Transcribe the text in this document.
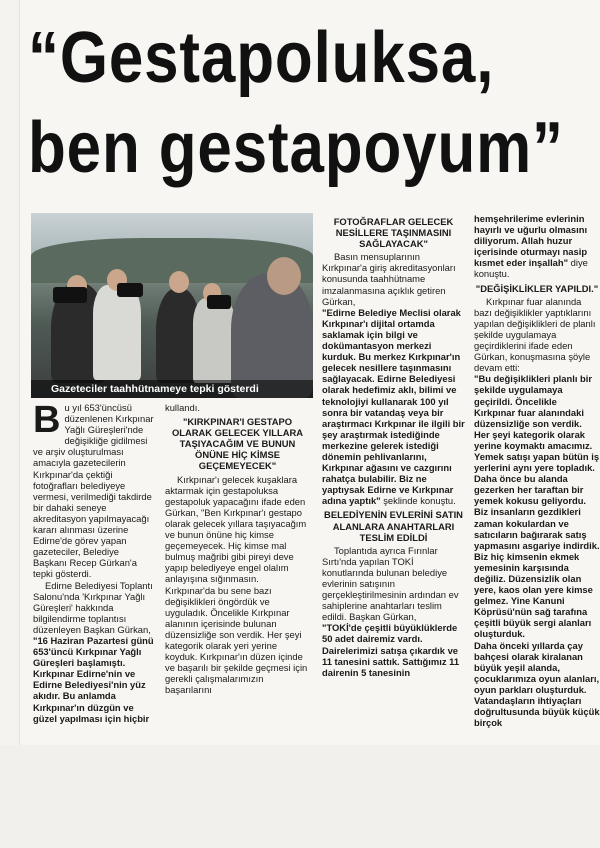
“Gestapoluksa,
ben gestapoyum”
Gazeteciler taahhütnameye tepki gösterdi

Bu yıl 653'üncüsü düzenlenen Kırkpınar Yağlı Güreşleri'nde değişikliğe gidilmesi ve arşiv oluşturulması amacıyla gazetecilerin Kırkpınar'da çektiği fotoğrafları belediyeye vermesi, verilmediği takdirde bir dahaki seneye akreditasyon yapılmayacağı kararı alınması üzerine Edirne'de görev yapan gazeteciler, Belediye Başkanı Recep Gürkan'a tepki gösterdi.

Edirne Belediyesi Toplantı Salonu'nda 'Kırkpınar Yağlı Güreşleri' hakkında bilgilendirme toplantısı düzenleyen Başkan Gürkan,

"16 Haziran Pazartesi günü 653'üncü Kırkpınar Yağlı Güreşleri başlamıştı. Kırkpınar Edirne'nin ve Edirne Belediyesi'nin yüz akıdır. Bu anlamda Kırkpınar'ın düzgün ve güzel yapılması için hiçbir

kullandı.

"KIRKPINAR'I GESTAPO OLARAK GELECEK YILLARA TAŞIYACAĞIM VE BUNUN ÖNÜNE HİÇ KİMSE GEÇEMEYECEK"

Kırkpınar'ı gelecek kuşaklara aktarmak için gestapoluksa gestapoluk yapacağını ifade eden Gürkan, "Ben Kırkpınar'ı gestapo olarak gelecek yıllara taşıyacağım ve bunun önüne hiç kimse geçemeyecek. Hiç kimse mal bulmuş mağribi gibi pireyi deve yapıp belediyeye engel olalım anlayışına sığınmasın. Kırkpınar'da bu sene bazı değişiklikleri öngördük ve uyguladık. Öncelikle Kırkpınar alanının içerisinde bulunan düzensizliğe son verdik. Her şeyi kategorik olarak yeri yerine koyduk. Kırkpınar'ın düzen içinde ve başarılı bir şekilde geçmesi için gerekli çalışmalarımızın başarılarını

FOTOĞRAFLAR GELECEK NESİLLERE TAŞINMASINI SAĞLAYACAK"

Basın mensuplarının Kırkpınar'a giriş akreditasyonları konusunda taahhütname imzalanmasına açıklık getiren Gürkan,

"Edirne Belediye Meclisi olarak Kırkpınar'ı dijital ortamda saklamak için bilgi ve dokümantasyon merkezi kurduk. Bu merkez Kırkpınar'ın gelecek nesillere taşınmasını sağlayacak. Edirne Belediyesi olarak hedefimiz aklı, bilimi ve teknolojiyi kullanarak 100 yıl sonra bir vatandaş veya bir araştırmacı Kırkpınar ile ilgili bir şey araştırmak istediğinde merkezine gelerek istediği dönemin pehlivanlarını, Kırkpınar ağasını ve cazgırını rahatça bulabilir. Biz ne yaptıysak Edirne ve Kırkpınar adına yaptık" şeklinde konuştu.

BELEDİYENİN EVLERİNİ SATIN ALANLARA ANAHTARLARI TESLİM EDİLDİ

Toplantıda ayrıca Fırınlar Sırtı'nda yapılan TOKİ konutlarında bulunan belediye evlerinin satışının gerçekleştirilmesinin ardından ev sahiplerine anahtarları teslim edildi. Başkan Gürkan,

"TOKİ'de çeşitli büyüklüklerde 50 adet dairemiz vardı. Dairelerimizi satışa çıkardık ve 11 tanesini sattık. Sattığımız 11 dairenin 5 tanesinin

hemşehrilerime evlerinin hayırlı ve uğurlu olmasını diliyorum. Allah huzur içerisinde oturmayı nasip kısmet eder inşallah" diye konuştu.

"DEĞİŞİKLİKLER YAPILDI."

Kırkpınar fuar alanında bazı değişiklikler yaptıklarını yapılan değişiklikleri de planlı şekilde uygulamaya geçirdiklerini ifade eden Gürkan, konuşmasına şöyle devam etti:

"Bu değişiklikleri planlı bir şekilde uygulamaya geçirildi. Öncelikle Kırkpınar fuar alanındaki düzensizliğe son verdik. Her şeyi kategorik olarak yerine koymaktı amacımız. Yemek satışı yapan bütün iş yerlerini aynı yere topladık. Daha önce bu alanda gezerken her taraftan bir yemek kokusu geliyordu. Biz insanların gezdikleri zaman kokulardan ve satıcıların bağırarak satış yapmasını asgariye indirdik. Biz hiç kimsenin ekmek yemesinin karşısında değiliz. Düzensizlik olan yere, kaos olan yere kimse gelmez. Yine Kanuni Köprüsü'nün sağ tarafına çeşitli büyük sergi alanları oluşturduk.

Daha önceki yıllarda çay bahçesi olarak kiralanan büyük yeşil alanda, çocuklarımıza oyun alanları, oyun parkları oluşturduk. Vatandaşların ihtiyaçları doğrultusunda büyük küçük birçok
